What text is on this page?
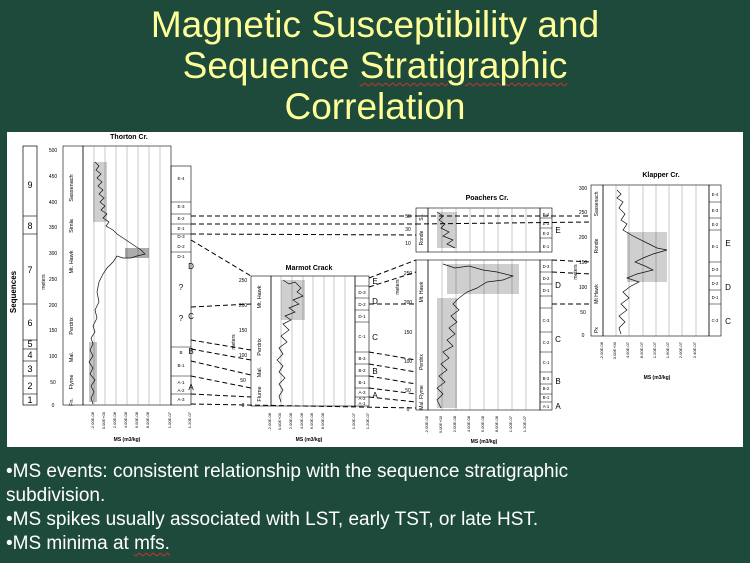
Magnetic Susceptibility and
Sequence Stratigraphic
Correlation
Sequences
9
8
7
6
5
4
3
2
1
Thorton Cr.
500
450
400
350
300
250
200
150
100
50
0
meters
Sassenach
Simla
Mt. Hawk
Perdrix
Mal.
Flyme
Fn.
E-4
E-3
E-2
E-1
D-3
D-2
D-1
B
B-1
A-1
A-2
A-3
D
?
? C
B
A
-2.00E-08 0.00E+00 2.00E-08 4.00E-08 6.00E-08 8.00E-08	1.00E-07	1.20E-07
MS (m3/kg)
Marmot Crack
250
200
150
100
50
0
meters
Mt. Hawk
Perdrix
Mal.
Flume
D-3
D-2
D-1
C-1
B-3
B-2
B-1
A-3
A-2
A-1
E
D
C
B
A
-2.00E-08 0.00E+00 2.00E-08 4.00E-08 6.00E-08 8.00E-08	1.00E-07 1.20E-07
MS (m3/kg)
Poachers Cr.
50
30
10
250
200
150
100
50
0
meters
Sa.
Ronde
Mt. Hawk
Perdrix
Flyme
Mal.
E-4
E-3
E-2
E-1
D-3
D-2
D-1
C-3
C-2
C-1
B-3
B-2
B-1
A-1
E
D
C
B
A
-2.00E-08 0.00E+00 2.00E-08 4.00E-08 6.00E-08 8.00E-08 1.00E-07 1.20E-07
MS (m3/kg)
Klapper Cr.
300
250
200
150
100
50
0
meters
Sassenach
Ronde
Mt Hawk
Px
E-4
E-3
E-2
E-1
D-3
D-2
D-1
C-3
E
D
C
-2.00E-08 0.00E+00 4.00E-07 8.00E-07 1.20E-07 1.60E-07 2.00E-07 2.40E-07
MS (m3/kg)
•MS events: consistent relationship with the sequence stratigraphic
subdivision.
•MS spikes usually associated with LST, early TST, or late HST.
•MS minima at mfs.
